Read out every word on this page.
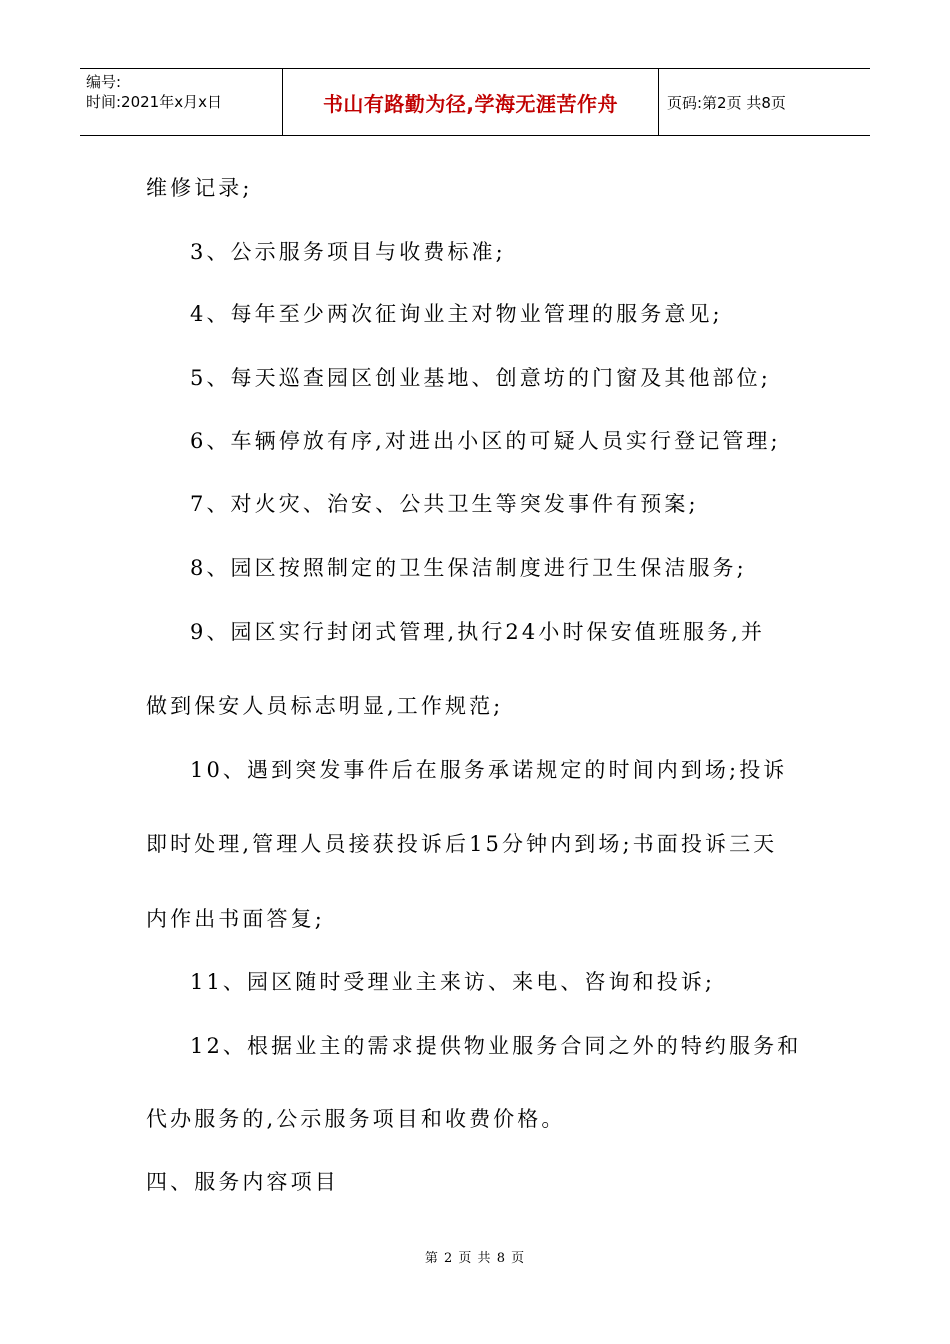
编号:
时间:2021年x月x日	书山有路勤为径,学海无涯苦作舟	页码:第2页 共8页
维修记录;
3、公示服务项目与收费标准;
4、每年至少两次征询业主对物业管理的服务意见;
5、每天巡查园区创业基地、创意坊的门窗及其他部位;
6、车辆停放有序,对进出小区的可疑人员实行登记管理;
7、对火灾、治安、公共卫生等突发事件有预案;
8、园区按照制定的卫生保洁制度进行卫生保洁服务;
9、园区实行封闭式管理,执行24小时保安值班服务,并
做到保安人员标志明显,工作规范;
10、遇到突发事件后在服务承诺规定的时间内到场;投诉
即时处理,管理人员接获投诉后15分钟内到场;书面投诉三天
内作出书面答复;
11、园区随时受理业主来访、来电、咨询和投诉;
12、根据业主的需求提供物业服务合同之外的特约服务和
代办服务的,公示服务项目和收费价格。
四、服务内容项目
第 2 页 共 8 页
